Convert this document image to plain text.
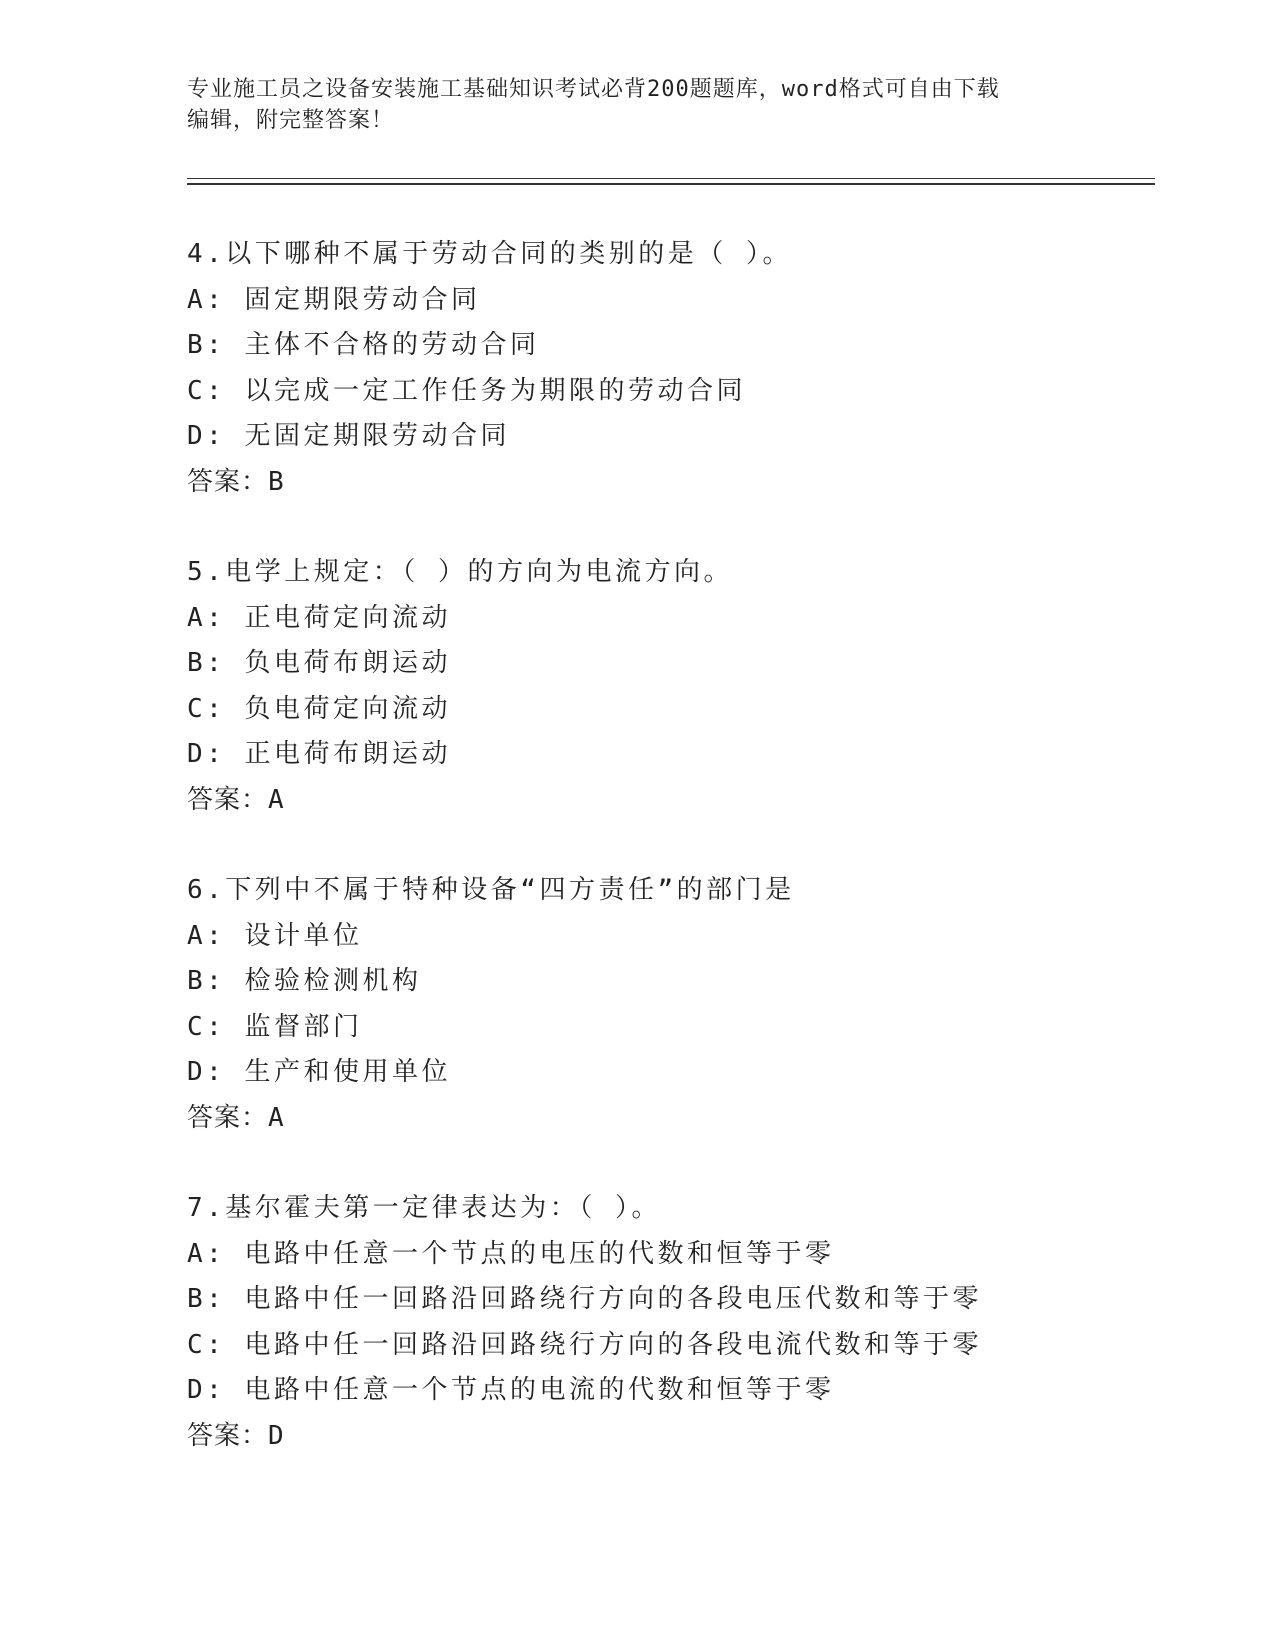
专业施工员之设备安装施工基础知识考试必背200题题库，word格式可自由下载
编辑，附完整答案！
4.以下哪种不属于劳动合同的类别的是（ ）。
A: 固定期限劳动合同
B: 主体不合格的劳动合同
C: 以完成一定工作任务为期限的劳动合同
D: 无固定期限劳动合同
答案：B
5.电学上规定：（ ）的方向为电流方向。
A: 正电荷定向流动
B: 负电荷布朗运动
C: 负电荷定向流动
D: 正电荷布朗运动
答案：A
6.下列中不属于特种设备“四方责任”的部门是
A: 设计单位
B: 检验检测机构
C: 监督部门
D: 生产和使用单位
答案：A
7.基尔霍夫第一定律表达为：（ ）。
A: 电路中任意一个节点的电压的代数和恒等于零
B: 电路中任一回路沿回路绕行方向的各段电压代数和等于零
C: 电路中任一回路沿回路绕行方向的各段电流代数和等于零
D: 电路中任意一个节点的电流的代数和恒等于零
答案：D
